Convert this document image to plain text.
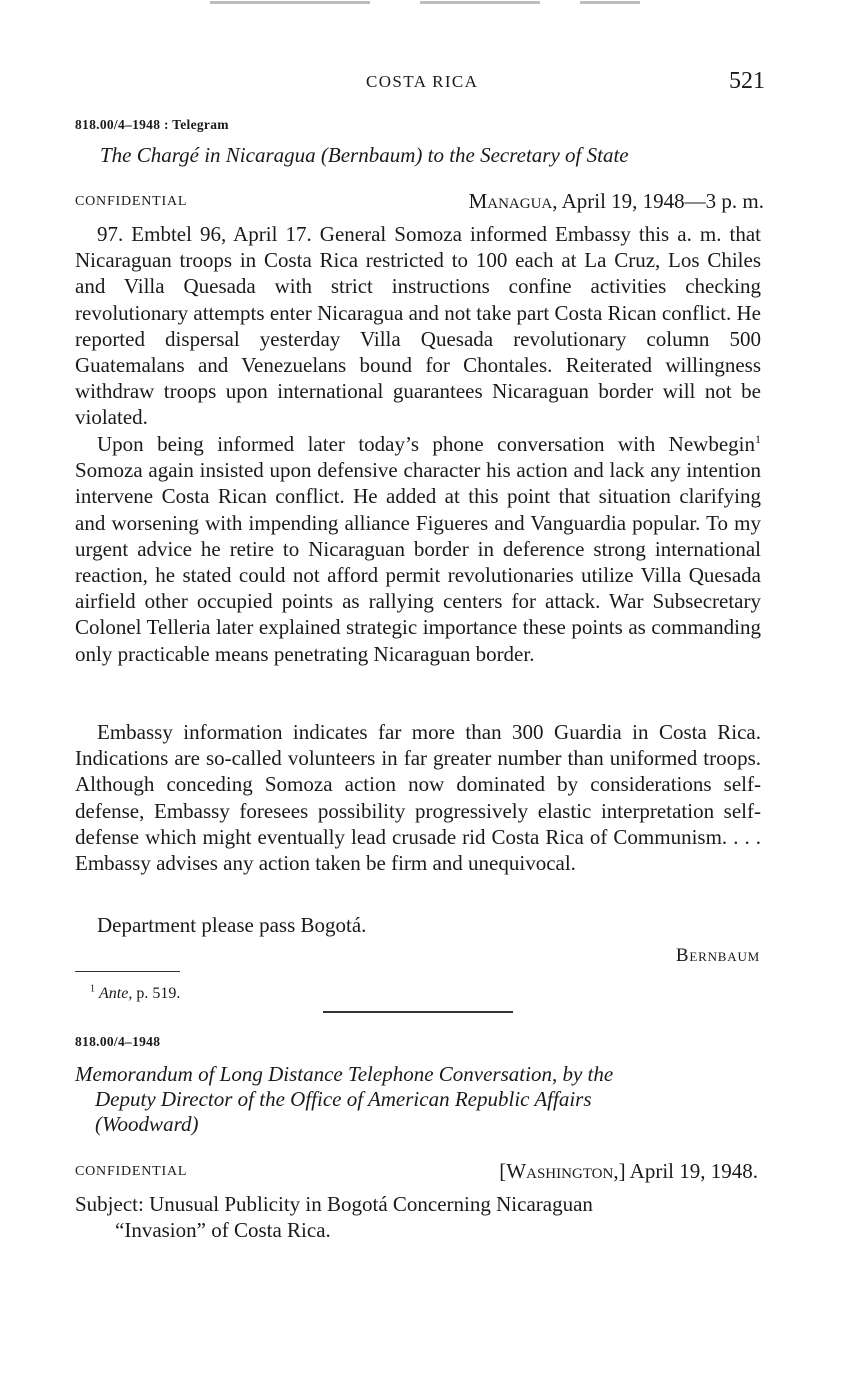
COSTA RICA	521
818.00/4–1948 : Telegram
The Chargé in Nicaragua (Bernbaum) to the Secretary of State
CONFIDENTIAL	Managua, April 19, 1948—3 p. m.

97. Embtel 96, April 17. General Somoza informed Embassy this a. m. that Nicaraguan troops in Costa Rica restricted to 100 each at La Cruz, Los Chiles and Villa Quesada with strict instructions confine activities checking revolutionary attempts enter Nicaragua and not take part Costa Rican conflict. He reported dispersal yesterday Villa Quesada revolutionary column 500 Guatemalans and Venezuelans bound for Chontales. Reiterated willingness withdraw troops upon international guarantees Nicaraguan border will not be violated.

Upon being informed later today’s phone conversation with Newbegin$^1$ Somoza again insisted upon defensive character his action and lack any intention intervene Costa Rican conflict. He added at this point that situation clarifying and worsening with impending alliance Figueres and Vanguardia popular. To my urgent advice he retire to Nicaraguan border in deference strong international reaction, he stated could not afford permit revolutionaries utilize Villa Quesada airfield other occupied points as rallying centers for attack. War Subsecretary Colonel Telleria later explained strategic importance these points as commanding only practicable means penetrating Nicaraguan border.

Embassy information indicates far more than 300 Guardia in Costa Rica. Indications are so-called volunteers in far greater number than uniformed troops. Although conceding Somoza action now dominated by considerations self-defense, Embassy foresees possibility progressively elastic interpretation self-defense which might eventually lead crusade rid Costa Rica of Communism. . . . Embassy advises any action taken be firm and unequivocal.

Department please pass Bogotá.

Bernbaum
$^1$ Ante, p. 519.
818.00/4–1948
Memorandum of Long Distance Telephone Conversation, by the
Deputy Director of the Office of American Republic Affairs
(Woodward)
CONFIDENTIAL	[Washington,] April 19, 1948.
Subject: Unusual Publicity in Bogotá Concerning Nicaraguan
“Invasion” of Costa Rica.
